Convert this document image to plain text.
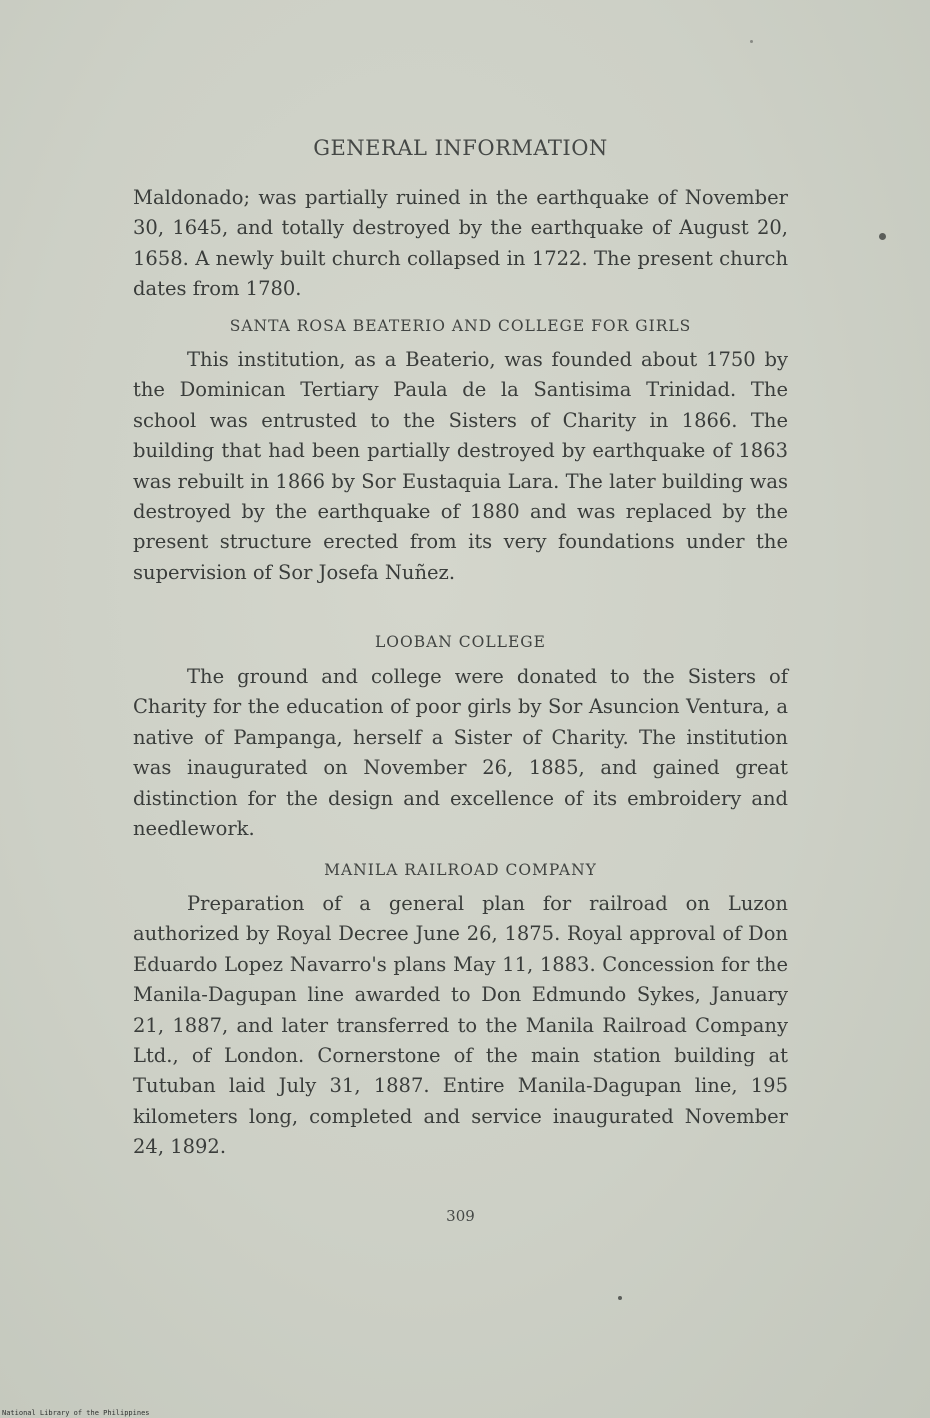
GENERAL INFORMATION

Maldonado; was partially ruined in the earthquake of November 30, 1645, and totally destroyed by the earthquake of August 20, 1658. A newly built church collapsed in 1722. The present church dates from 1780.

SANTA ROSA BEATERIO AND COLLEGE FOR GIRLS

This institution, as a Beaterio, was founded about 1750 by the Dominican Tertiary Paula de la Santisima Trinidad. The school was entrusted to the Sisters of Charity in 1866. The building that had been partially destroyed by earthquake of 1863 was rebuilt in 1866 by Sor Eustaquia Lara. The later building was destroyed by the earthquake of 1880 and was replaced by the present structure erected from its very foundations under the supervision of Sor Josefa Nuñez.

LOOBAN COLLEGE

The ground and college were donated to the Sisters of Charity for the education of poor girls by Sor Asuncion Ventura, a native of Pampanga, herself a Sister of Charity. The institution was inaugurated on November 26, 1885, and gained great distinction for the design and excellence of its embroidery and needlework.

MANILA RAILROAD COMPANY

Preparation of a general plan for railroad on Luzon authorized by Royal Decree June 26, 1875. Royal approval of Don Eduardo Lopez Navarro's plans May 11, 1883. Concession for the Manila-Dagupan line awarded to Don Edmundo Sykes, January 21, 1887, and later transferred to the Manila Railroad Company Ltd., of London. Cornerstone of the main station building at Tutuban laid July 31, 1887. Entire Manila-Dagupan line, 195 kilometers long, completed and service inaugurated November 24, 1892.

309
National Library of the Philippines
